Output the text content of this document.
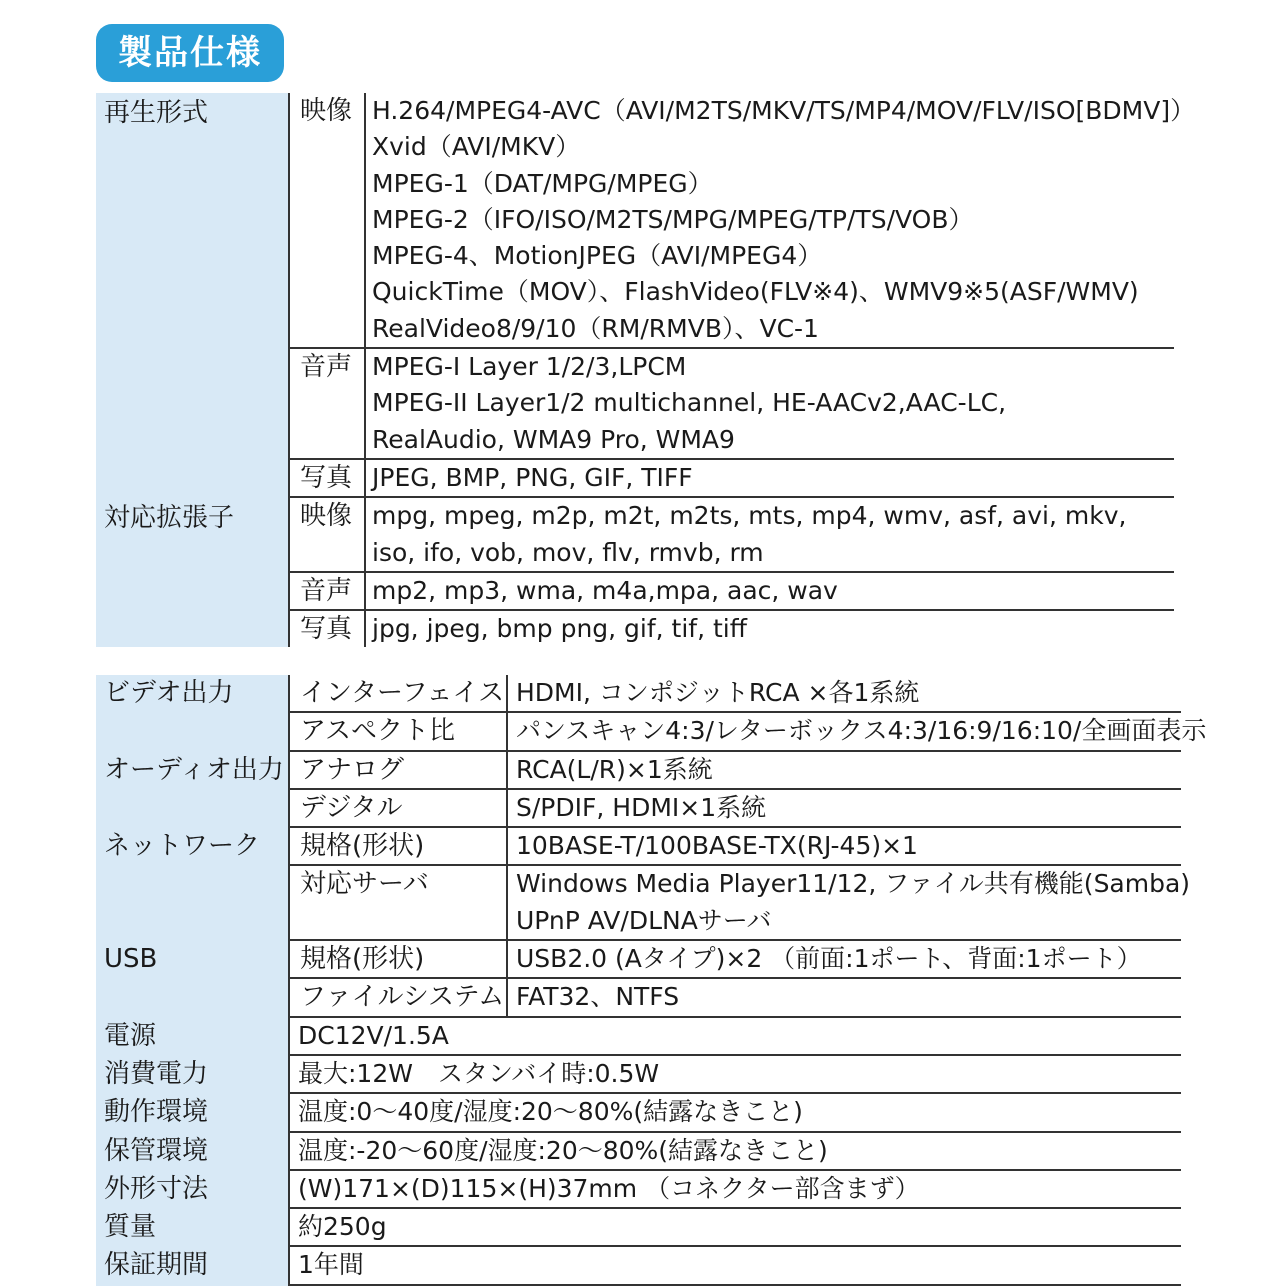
製品仕様
再生形式	映像 H.264/MPEG4-AVC（AVI/M2TS/MKV/TS/MP4/MOV/FLV/ISO[BDMV]）
Xvid（AVI/MKV）
MPEG-1（DAT/MPG/MPEG）
MPEG-2（IFO/ISO/M2TS/MPG/MPEG/TP/TS/VOB）
MPEG-4、MotionJPEG（AVI/MPEG4）
QuickTime（MOV）、FlashVideo(FLV※4)、WMV9※5(ASF/WMV)
RealVideo8/9/10（RM/RMVB）、VC-1
音声 MPEG-I Layer 1/2/3,LPCM
MPEG-II Layer1/2 multichannel, HE-AACv2,AAC-LC,
RealAudio, WMA9 Pro, WMA9
写真 JPEG, BMP, PNG, GIF, TIFF
対応拡張子	映像 mpg, mpeg, m2p, m2t, m2ts, mts, mp4, wmv, asf, avi, mkv,
iso, ifo, vob, mov, flv, rmvb, rm
音声 mp2, mp3, wma, m4a,mpa, aac, wav
写真 jpg, jpeg, bmp png, gif, tif, tiff
ビデオ出力	インターフェイス HDMI, コンポジットRCA ×各1系統
アスペクト比	パンスキャン4:3/レターボックス4:3/16:9/16:10/全画面表示
オーディオ出力 アナログ	RCA(L/R)×1系統
デジタル	S/PDIF, HDMI×1系統
ネットワーク	規格(形状)	10BASE-T/100BASE-TX(RJ-45)×1
対応サーバ	Windows Media Player11/12, ファイル共有機能(Samba)
UPnP AV/DLNAサーバ
USB	規格(形状)	USB2.0 (Aタイプ)×2 （前面:1ポート、背面:1ポート）
ファイルシステム FAT32、NTFS
電源	DC12V/1.5A
消費電力	最大:12W　スタンバイ時:0.5W
動作環境	温度:0〜40度/湿度:20〜80%(結露なきこと)
保管環境	温度:-20〜60度/湿度:20〜80%(結露なきこと)
外形寸法	(W)171×(D)115×(H)37mm （コネクター部含まず）
質量	約250g
保証期間	1年間
